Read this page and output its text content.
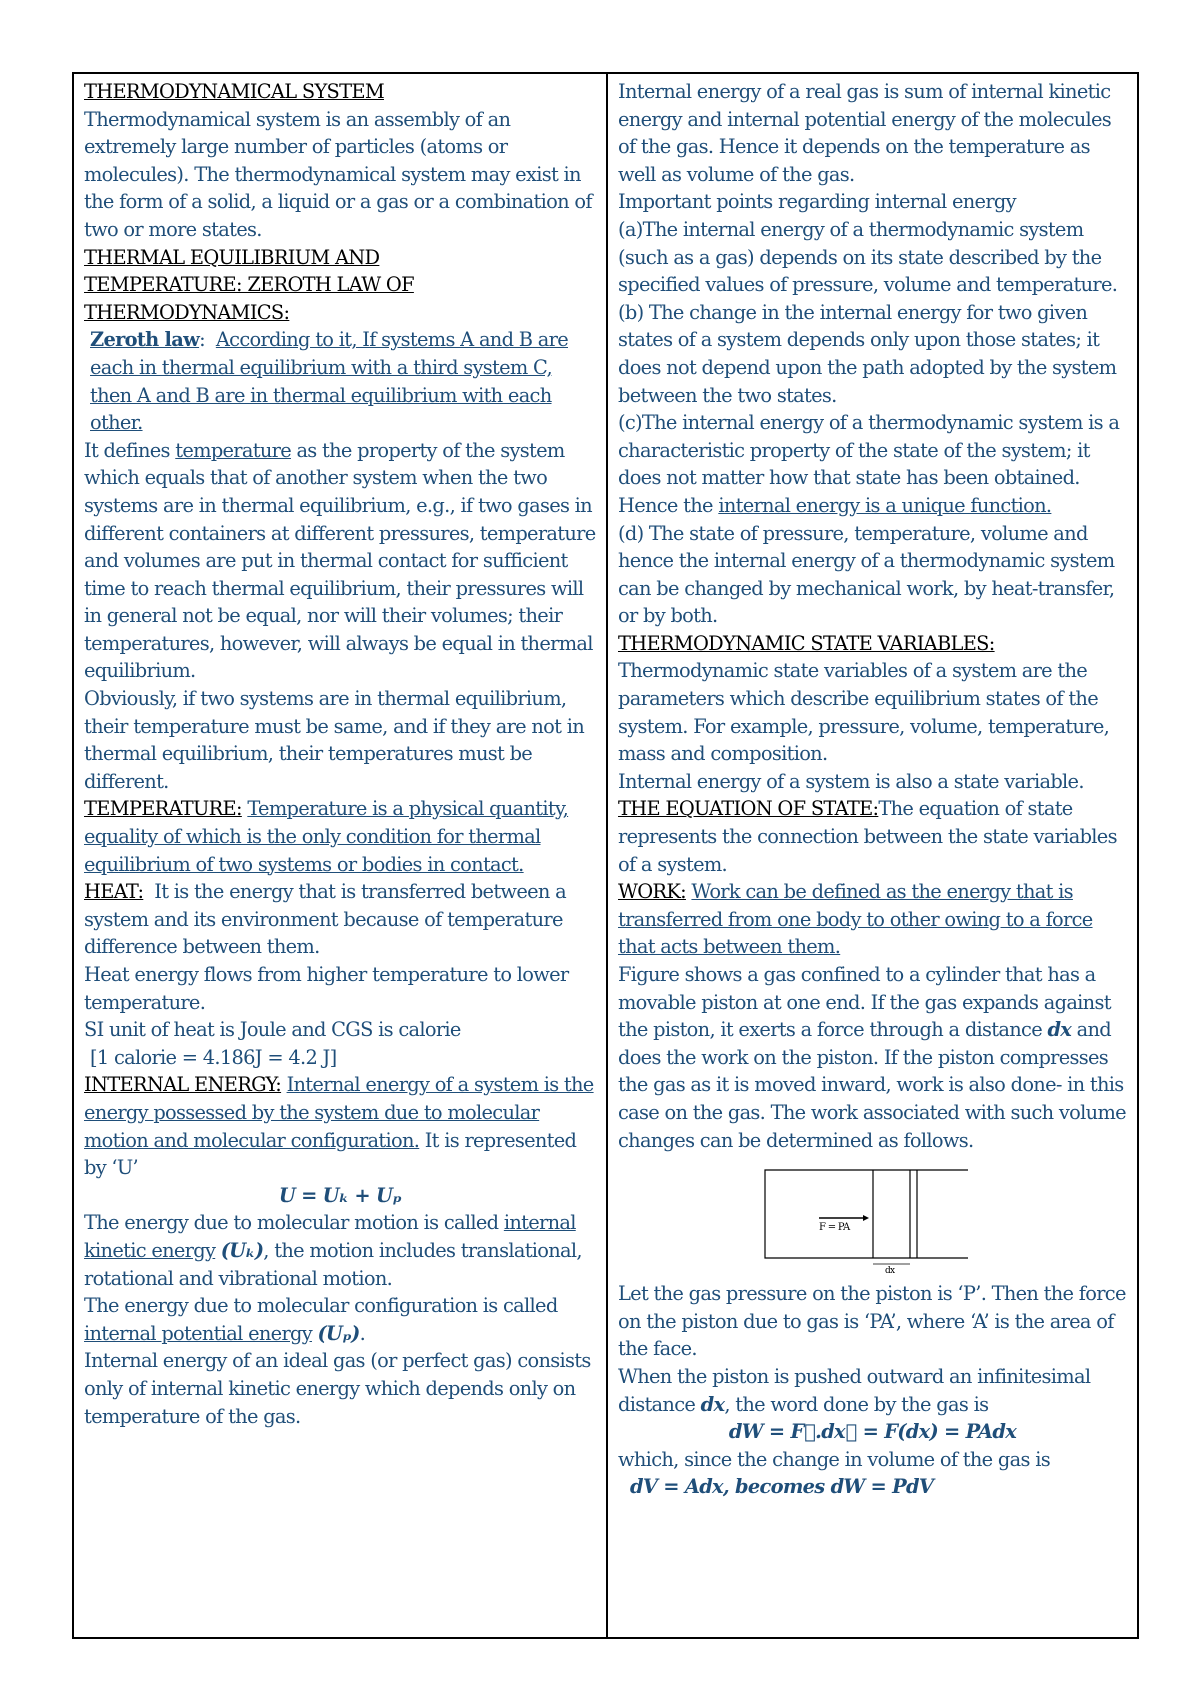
THERMODYNAMICAL SYSTEM
Thermodynamical system is an assembly of an extremely large number of particles (atoms or molecules). The thermodynamical system may exist in the form of a solid, a liquid or a gas or a combination of two or more states.
THERMAL EQUILIBRIUM AND
TEMPERATURE: ZEROTH LAW OF
THERMODYNAMICS:
Zeroth law: According to it, If systems A and B are each in thermal equilibrium with a third system C, then A and B are in thermal equilibrium with each other.
It defines temperature as the property of the system which equals that of another system when the two systems are in thermal equilibrium, e.g., if two gases in different containers at different pressures, temperature and volumes are put in thermal contact for sufficient time to reach thermal equilibrium, their pressures will in general not be equal, nor will their volumes; their temperatures, however, will always be equal in thermal equilibrium.
Obviously, if two systems are in thermal equilibrium, their temperature must be same, and if they are not in thermal equilibrium, their temperatures must be different.
TEMPERATURE: Temperature is a physical quantity, equality of which is the only condition for thermal equilibrium of two systems or bodies in contact.
HEAT: It is the energy that is transferred between a system and its environment because of temperature difference between them.
Heat energy flows from higher temperature to lower temperature.
SI unit of heat is Joule and CGS is calorie
[1 calorie = 4.186J = 4.2 J]
INTERNAL ENERGY: Internal energy of a system is the energy possessed by the system due to molecular motion and molecular configuration. It is represented by ‘U’
U = Uₖ + Uₚ
The energy due to molecular motion is called internal kinetic energy (Uₖ), the motion includes translational, rotational and vibrational motion.
The energy due to molecular configuration is called internal potential energy (Uₚ).
Internal energy of an ideal gas (or perfect gas) consists only of internal kinetic energy which depends only on temperature of the gas.
Internal energy of a real gas is sum of internal kinetic energy and internal potential energy of the molecules of the gas. Hence it depends on the temperature as well as volume of the gas.
Important points regarding internal energy
(a)The internal energy of a thermodynamic system (such as a gas) depends on its state described by the specified values of pressure, volume and temperature.
(b) The change in the internal energy for two given states of a system depends only upon those states; it does not depend upon the path adopted by the system between the two states.
(c)The internal energy of a thermodynamic system is a characteristic property of the state of the system; it does not matter how that state has been obtained. Hence the internal energy is a unique function.
(d) The state of pressure, temperature, volume and hence the internal energy of a thermodynamic system can be changed by mechanical work, by heat-transfer, or by both.
THERMODYNAMIC STATE VARIABLES:
Thermodynamic state variables of a system are the parameters which describe equilibrium states of the system. For example, pressure, volume, temperature, mass and composition.
Internal energy of a system is also a state variable.
THE EQUATION OF STATE:The equation of state represents the connection between the state variables of a system.
WORK: Work can be defined as the energy that is transferred from one body to other owing to a force that acts between them.
Figure shows a gas confined to a cylinder that has a movable piston at one end. If the gas expands against the piston, it exerts a force through a distance dx and does the work on the piston. If the piston compresses the gas as it is moved inward, work is also done- in this case on the gas. The work associated with such volume changes can be determined as follows.
F = PA
dx
Let the gas pressure on the piston is ‘P’. Then the force on the piston due to gas is ‘PA’, where ‘A’ is the area of the face.
When the piston is pushed outward an infinitesimal distance dx, the word done by the gas is
dW = F⃗.dx⃗ = F(dx) = PAdx
which, since the change in volume of the gas is
dV = Adx, becomes dW = PdV
